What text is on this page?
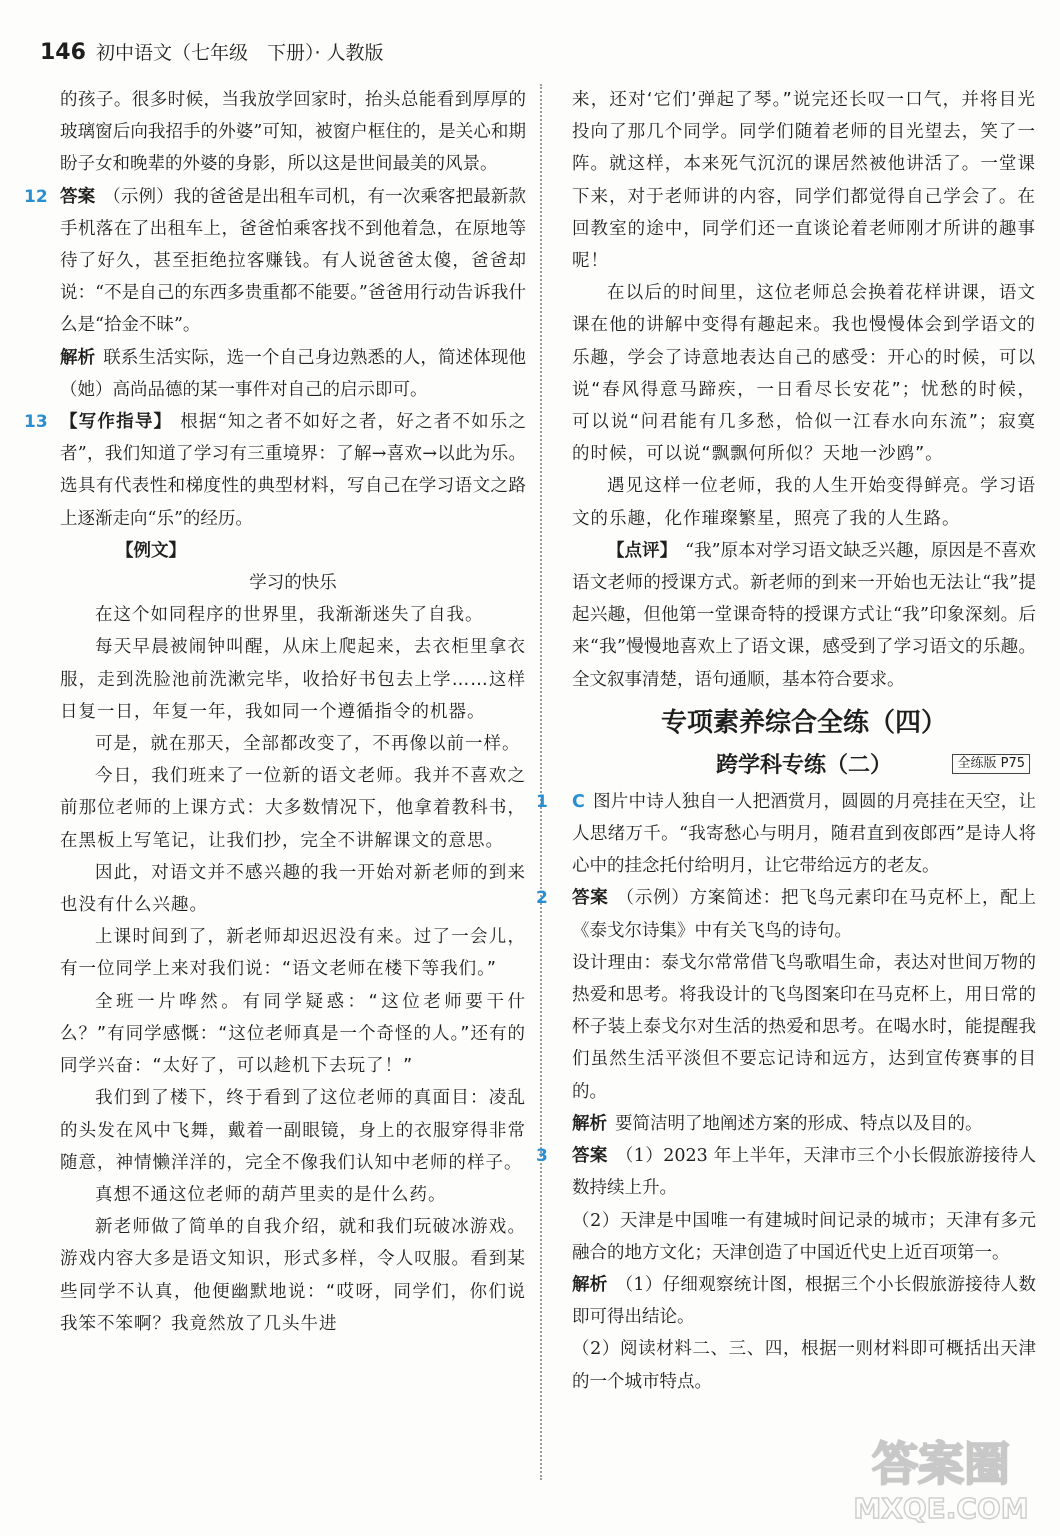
146 初中语文（七年级　下册）· 人教版

的孩子。很多时候，当我放学回家时，抬头总能看到厚厚的玻璃窗后向我招手的外婆”可知，被窗户框住的，是关心和期盼子女和晚辈的外婆的身影，所以这是世间最美的风景。

12 答案 （示例）我的爸爸是出租车司机，有一次乘客把最新款手机落在了出租车上，爸爸怕乘客找不到他着急，在原地等待了好久，甚至拒绝拉客赚钱。有人说爸爸太傻，爸爸却说：“不是自己的东西多贵重都不能要。”爸爸用行动告诉我什么是“拾金不昧”。

解析 联系生活实际，选一个自己身边熟悉的人，简述体现他（她）高尚品德的某一事件对自己的启示即可。

13 【写作指导】 根据“知之者不如好之者，好之者不如乐之者”，我们知道了学习有三重境界：了解→喜欢→以此为乐。选具有代表性和梯度性的典型材料，写自己在学习语文之路上逐渐走向“乐”的经历。

【例文】

学习的快乐

在这个如同程序的世界里，我渐渐迷失了自我。

每天早晨被闹钟叫醒，从床上爬起来，去衣柜里拿衣服，走到洗脸池前洗漱完毕，收拾好书包去上学……这样日复一日，年复一年，我如同一个遵循指令的机器。

可是，就在那天，全部都改变了，不再像以前一样。

今日，我们班来了一位新的语文老师。我并不喜欢之前那位老师的上课方式：大多数情况下，他拿着教科书，在黑板上写笔记，让我们抄，完全不讲解课文的意思。

因此，对语文并不感兴趣的我一开始对新老师的到来也没有什么兴趣。

上课时间到了，新老师却迟迟没有来。过了一会儿，有一位同学上来对我们说：“语文老师在楼下等我们。”

全班一片哗然。有同学疑惑：“这位老师要干什么？”有同学感慨：“这位老师真是一个奇怪的人。”还有的同学兴奋：“太好了，可以趁机下去玩了！”

我们到了楼下，终于看到了这位老师的真面目：凌乱的头发在风中飞舞，戴着一副眼镜，身上的衣服穿得非常随意，神情懒洋洋的，完全不像我们认知中老师的样子。

真想不通这位老师的葫芦里卖的是什么药。

新老师做了简单的自我介绍，就和我们玩破冰游戏。游戏内容大多是语文知识，形式多样，令人叹服。看到某些同学不认真，他便幽默地说：“哎呀，同学们，你们说我笨不笨啊？我竟然放了几头牛进

来，还对‘它们’弹起了琴。”说完还长叹一口气，并将目光投向了那几个同学。同学们随着老师的目光望去，笑了一阵。就这样，本来死气沉沉的课居然被他讲活了。一堂课下来，对于老师讲的内容，同学们都觉得自己学会了。在回教室的途中，同学们还一直谈论着老师刚才所讲的趣事呢！

在以后的时间里，这位老师总会换着花样讲课，语文课在他的讲解中变得有趣起来。我也慢慢体会到学语文的乐趣，学会了诗意地表达自己的感受：开心的时候，可以说“春风得意马蹄疾，一日看尽长安花”；忧愁的时候，可以说“问君能有几多愁，恰似一江春水向东流”；寂寞的时候，可以说“飘飘何所似？天地一沙鸥”。

遇见这样一位老师，我的人生开始变得鲜亮。学习语文的乐趣，化作璀璨繁星，照亮了我的人生路。

【点评】 “我”原本对学习语文缺乏兴趣，原因是不喜欢语文老师的授课方式。新老师的到来一开始也无法让“我”提起兴趣，但他第一堂课奇特的授课方式让“我”印象深刻。后来“我”慢慢地喜欢上了语文课，感受到了学习语文的乐趣。全文叙事清楚，语句通顺，基本符合要求。

专项素养综合全练（四）
跨学科专练（二）	全练版 P75
1 C 图片中诗人独自一人把酒赏月，圆圆的月亮挂在天空，让人思绪万千。“我寄愁心与明月，随君直到夜郎西”是诗人将心中的挂念托付给明月，让它带给远方的老友。

2 答案 （示例）方案简述：把飞鸟元素印在马克杯上，配上《泰戈尔诗集》中有关飞鸟的诗句。

设计理由：泰戈尔常常借飞鸟歌唱生命，表达对世间万物的热爱和思考。将我设计的飞鸟图案印在马克杯上，用日常的杯子装上泰戈尔对生活的热爱和思考。在喝水时，能提醒我们虽然生活平淡但不要忘记诗和远方，达到宣传赛事的目的。

解析 要简洁明了地阐述方案的形成、特点以及目的。

3 答案 （1）2023 年上半年，天津市三个小长假旅游接待人数持续上升。

（2）天津是中国唯一有建城时间记录的城市；天津有多元融合的地方文化；天津创造了中国近代史上近百项第一。

解析 （1）仔细观察统计图，根据三个小长假旅游接待人数即可得出结论。

（2）阅读材料二、三、四，根据一则材料即可概括出天津的一个城市特点。

答案圈
MXQE.COM
